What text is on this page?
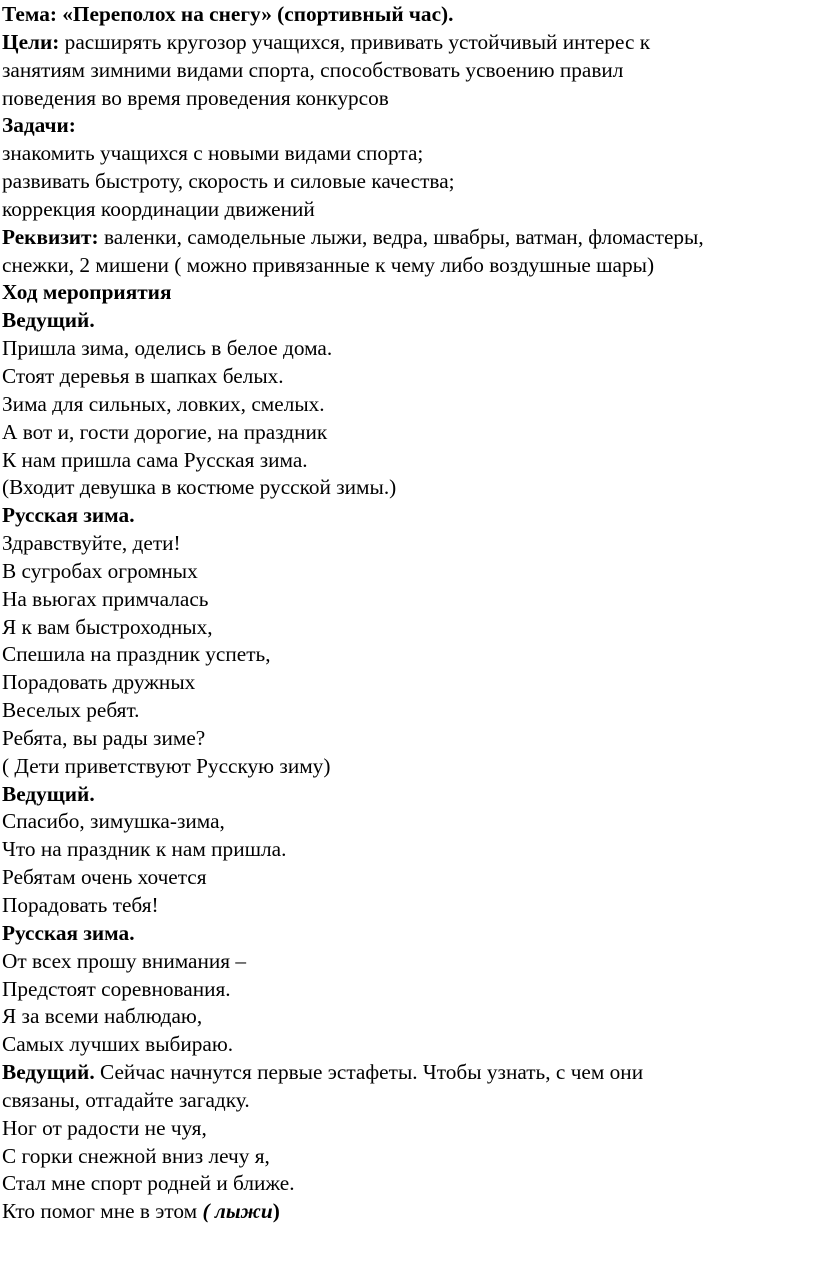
Тема: «Переполох на снегу» (спортивный час).
Цели: расширять кругозор учащихся, прививать устойчивый интерес к
занятиям зимними видами спорта, способствовать усвоению правил
поведения во время проведения конкурсов
Задачи:
знакомить учащихся с новыми видами спорта;
развивать быстроту, скорость и силовые качества;
коррекция координации движений
Реквизит: валенки, самодельные лыжи, ведра, швабры, ватман, фломастеры,
снежки, 2 мишени ( можно привязанные к чему либо воздушные шары)
Ход мероприятия
Ведущий.
Пришла зима, оделись в белое дома.
Стоят деревья в шапках белых.
Зима для сильных, ловких, смелых.
А вот и, гости дорогие, на праздник
К нам пришла сама Русская зима.
(Входит девушка в костюме русской зимы.)
Русская зима.
Здравствуйте, дети!
В сугробах огромных
На вьюгах примчалась
Я к вам быстроходных,
Спешила на праздник успеть,
Порадовать дружных
Веселых ребят.
Ребята, вы рады зиме?
( Дети приветствуют Русскую зиму)
Ведущий.
Спасибо, зимушка-зима,
Что на праздник к нам пришла.
Ребятам очень хочется
Порадовать тебя!
Русская зима.
От всех прошу внимания –
Предстоят соревнования.
Я за всеми наблюдаю,
Самых лучших выбираю.
Ведущий. Сейчас начнутся первые эстафеты. Чтобы узнать, с чем они
связаны, отгадайте загадку.
Ног от радости не чуя,
С горки снежной вниз лечу я,
Стал мне спорт родней и ближе.
Кто помог мне в этом ( лыжи)
